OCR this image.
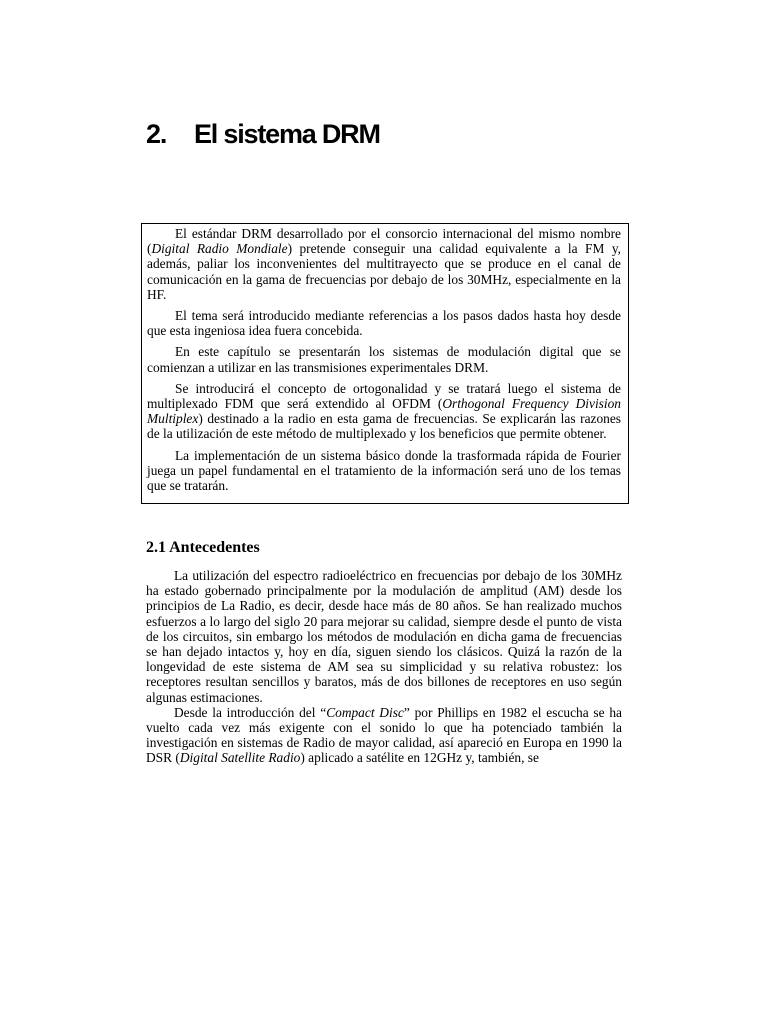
2. El sistema DRM

El estándar DRM desarrollado por el consorcio internacional del mismo nombre (Digital Radio Mondiale) pretende conseguir una calidad equivalente a la FM y, además, paliar los inconvenientes del multitrayecto que se produce en el canal de comunicación en la gama de frecuencias por debajo de los 30MHz, especialmente en la HF.

El tema será introducido mediante referencias a los pasos dados hasta hoy desde que esta ingeniosa idea fuera concebida.

En este capítulo se presentarán los sistemas de modulación digital que se comienzan a utilizar en las transmisiones experimentales DRM.

Se introducirá el concepto de ortogonalidad y se tratará luego el sistema de multiplexado FDM que será extendido al OFDM (Orthogonal Frequency Division Multiplex) destinado a la radio en esta gama de frecuencias. Se explicarán las razones de la utilización de este método de multiplexado y los beneficios que permite obtener.

La implementación de un sistema básico donde la trasformada rápida de Fourier juega un papel fundamental en el tratamiento de la información será uno de los temas que se tratarán.

2.1 Antecedentes

La utilización del espectro radioeléctrico en frecuencias por debajo de los 30MHz ha estado gobernado principalmente por la modulación de amplitud (AM) desde los principios de La Radio, es decir, desde hace más de 80 años. Se han realizado muchos esfuerzos a lo largo del siglo 20 para mejorar su calidad, siempre desde el punto de vista de los circuitos, sin embargo los métodos de modulación en dicha gama de frecuencias se han dejado intactos y, hoy en día, siguen siendo los clásicos. Quizá la razón de la longevidad de este sistema de AM sea su simplicidad y su relativa robustez: los receptores resultan sencillos y baratos, más de dos billones de receptores en uso según algunas estimaciones.

Desde la introducción del “Compact Disc” por Phillips en 1982 el escucha se ha vuelto cada vez más exigente con el sonido lo que ha potenciado también la investigación en sistemas de Radio de mayor calidad, así apareció en Europa en 1990 la DSR (Digital Satellite Radio) aplicado a satélite en 12GHz y, también, se
